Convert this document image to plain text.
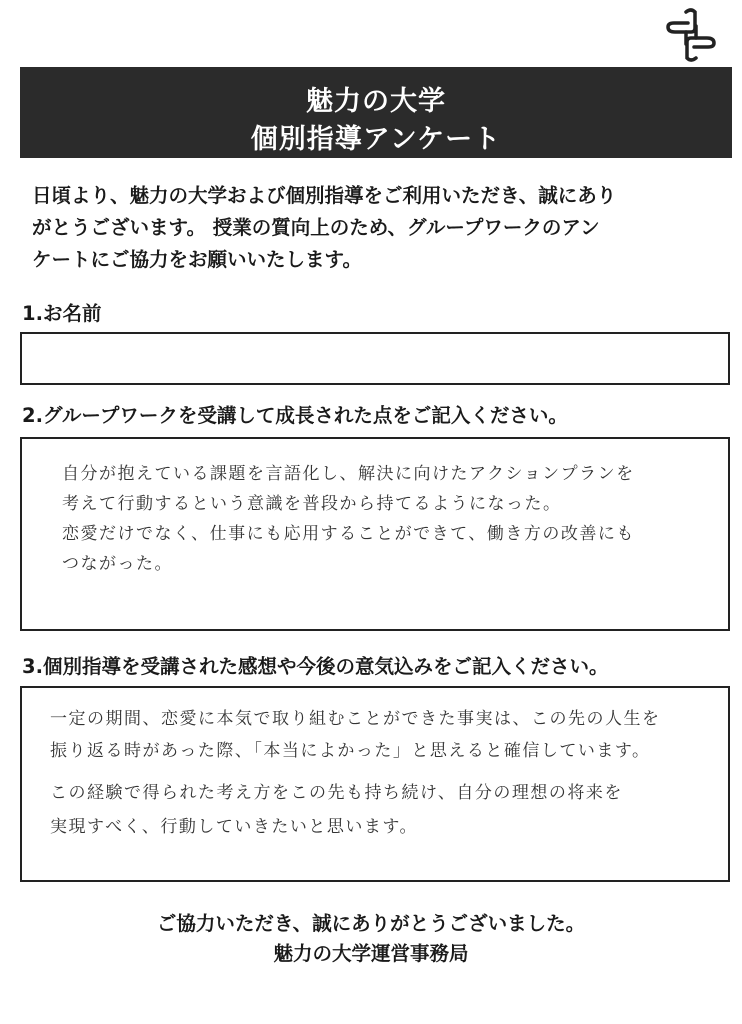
魅力の大学
個別指導アンケート
日頃より、魅力の大学および個別指導をご利用いただき、誠にあり
がとうございます。 授業の質向上のため、グループワークのアン
ケートにご協力をお願いいたします。
1.お名前
2.グループワークを受講して成長された点をご記入ください。
自分が抱えている課題を言語化し、解決に向けたアクションプランを
考えて行動するという意識を普段から持てるようになった。
恋愛だけでなく、仕事にも応用することができて、働き方の改善にも
つながった。
3.個別指導を受講された感想や今後の意気込みをご記入ください。
一定の期間、恋愛に本気で取り組むことができた事実は、この先の人生を
振り返る時があった際、「本当によかった」と思えると確信しています。
この経験で得られた考え方をこの先も持ち続け、自分の理想の将来を
実現すべく、行動していきたいと思います。
ご協力いただき、誠にありがとうございました。
魅力の大学運営事務局
